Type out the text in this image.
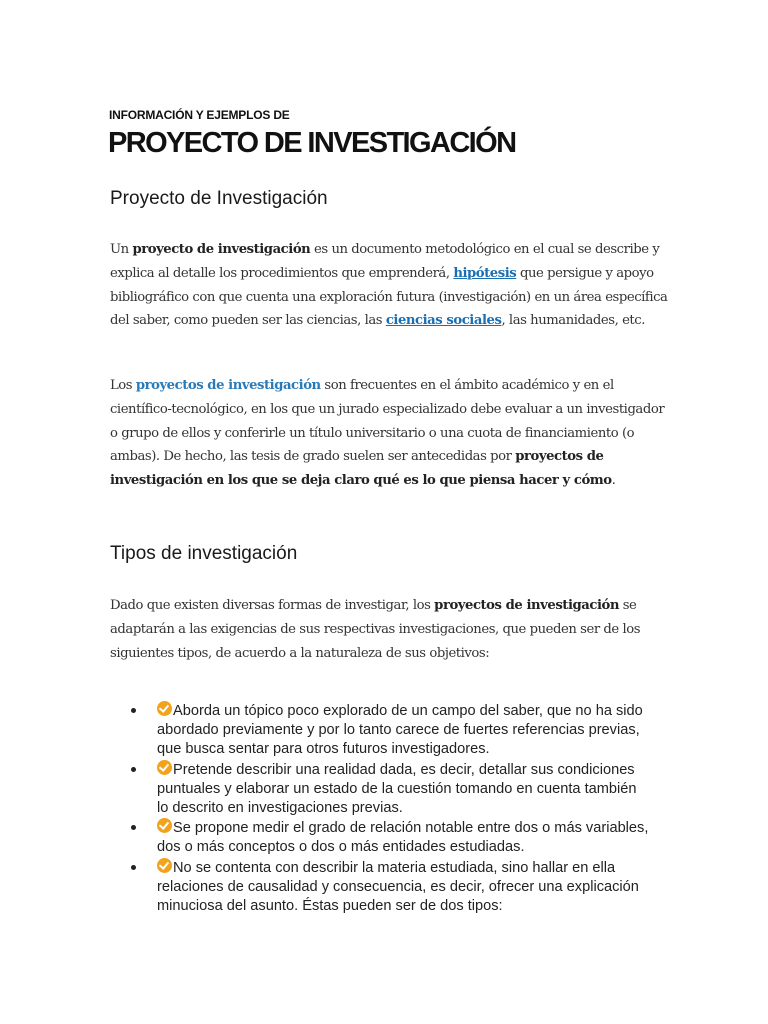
INFORMACIÓN Y EJEMPLOS DE
PROYECTO DE INVESTIGACIÓN
Proyecto de Investigación

Un proyecto de investigación es un documento metodológico en el cual se describe y explica al detalle los procedimientos que emprenderá, hipótesis que persigue y apoyo bibliográfico con que cuenta una exploración futura (investigación) en un área específica del saber, como pueden ser las ciencias, las ciencias sociales, las humanidades, etc.

Los proyectos de investigación son frecuentes en el ámbito académico y en el científico-tecnológico, en los que un jurado especializado debe evaluar a un investigador o grupo de ellos y conferirle un título universitario o una cuota de financiamiento (o ambas). De hecho, las tesis de grado suelen ser antecedidas por proyectos de investigación en los que se deja claro qué es lo que piensa hacer y cómo.

Tipos de investigación

Dado que existen diversas formas de investigar, los proyectos de investigación se adaptarán a las exigencias de sus respectivas investigaciones, que pueden ser de los siguientes tipos, de acuerdo a la naturaleza de sus objetivos:

Aborda un tópico poco explorado de un campo del saber, que no ha sido abordado previamente y por lo tanto carece de fuertes referencias previas, que busca sentar para otros futuros investigadores.
Pretende describir una realidad dada, es decir, detallar sus condiciones puntuales y elaborar un estado de la cuestión tomando en cuenta también lo descrito en investigaciones previas.
Se propone medir el grado de relación notable entre dos o más variables, dos o más conceptos o dos o más entidades estudiadas.
No se contenta con describir la materia estudiada, sino hallar en ella relaciones de causalidad y consecuencia, es decir, ofrecer una explicación minuciosa del asunto. Éstas pueden ser de dos tipos:
